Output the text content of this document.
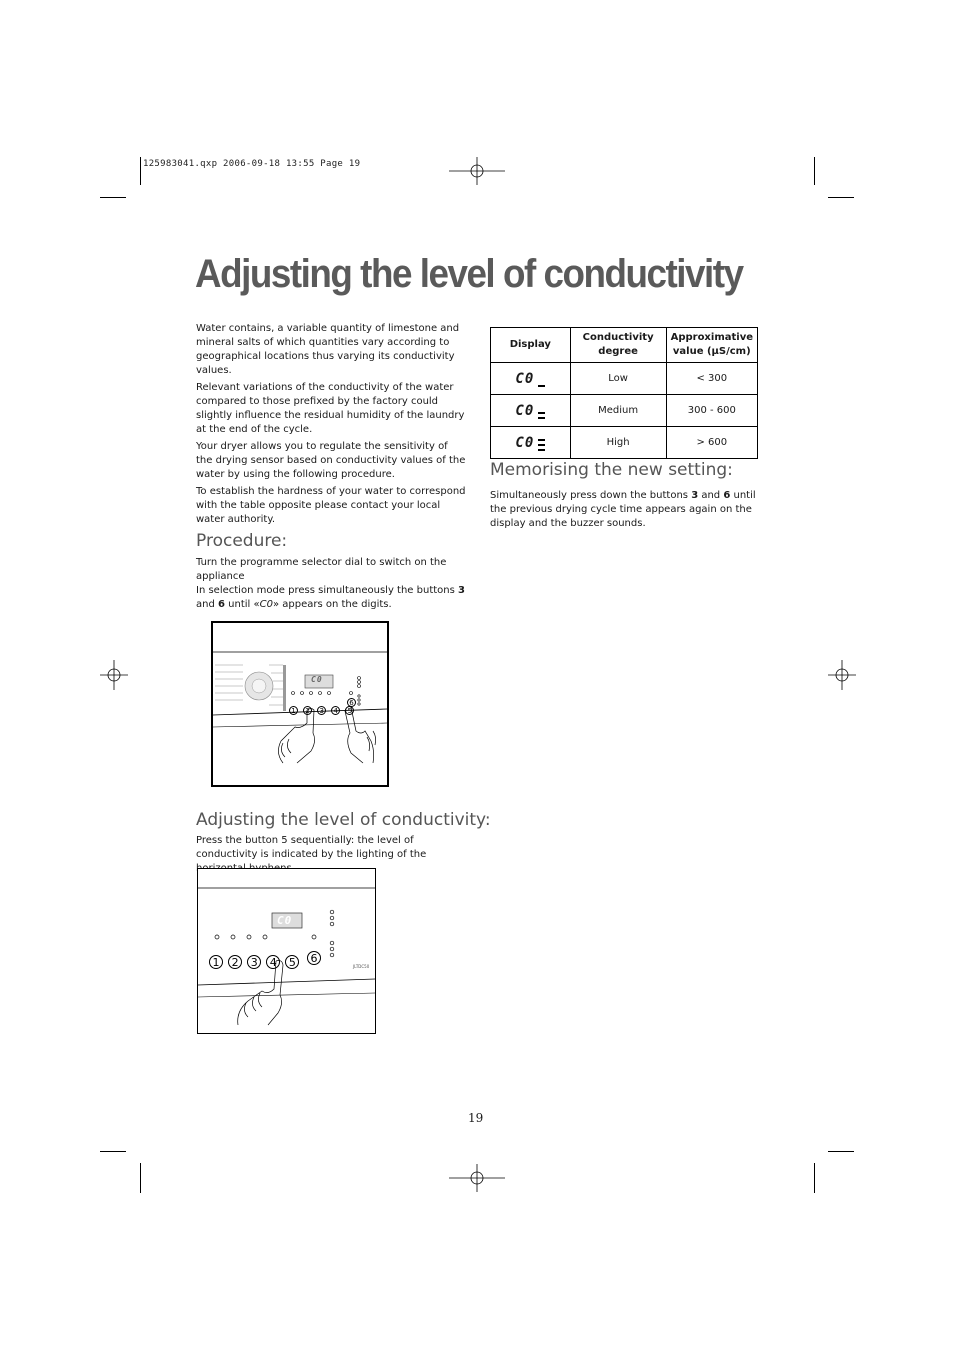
125983041.qxp 2006-09-18 13:55 Page 19
Adjusting the level of conductivity

Water contains, a variable quantity of limestone and mineral salts of which quantities vary according to geographical locations thus varying its conductivity values.

Relevant variations of the conductivity of the water compared to those prefixed by the factory could slightly influence the residual humidity of the laundry at the end of the cycle.

Your dryer allows you to regulate the sensitivity of the drying sensor based on conductivity values of the water by using the following procedure.

To establish the hardness of your water to correspond with the table opposite please contact your local water authority.

Procedure:
Turn the programme selector dial to switch on the appliance
In selection mode press simultaneously the buttons 3 and 6 until «C0» appears on the digits.
1 2 3 4 5
6
C0
Adjusting the level of conductivity:
Press the button 5 sequentially: the level of conductivity is indicated by the lighting of the
C0
1 2 3 4 5	6
JLTDC50
Display	Conductivity degree	Approximative value (µS/cm)
C0	Low	< 300
C0	Medium	300 - 600
C0	High	> 600
Memorising the new setting:
Simultaneously press down the buttons 3 and 6 until the previous drying cycle time appears again on the display and the buzzer sounds.
19
